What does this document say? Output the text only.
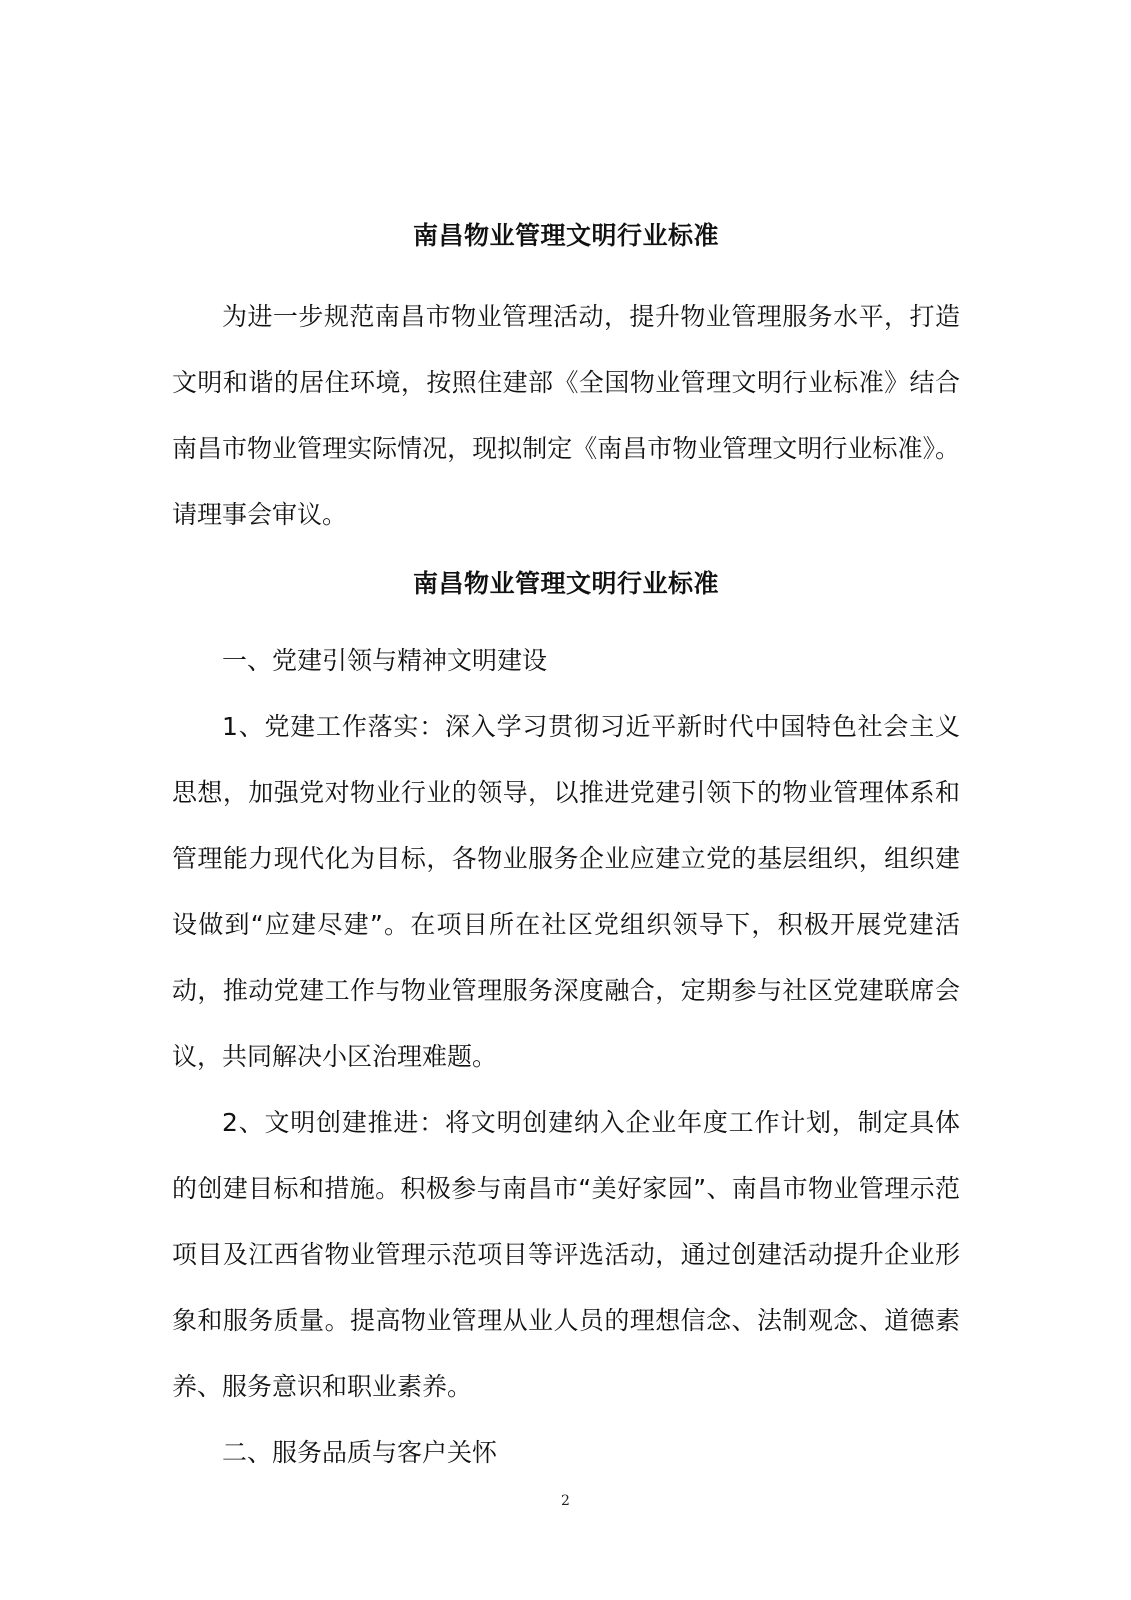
南昌物业管理文明行业标准

为进一步规范南昌市物业管理活动，提升物业管理服务水平，打造文明和谐的居住环境，按照住建部《全国物业管理文明行业标准》结合南昌市物业管理实际情况，现拟制定《南昌市物业管理文明行业标准》。请理事会审议。

南昌物业管理文明行业标准

一、党建引领与精神文明建设

1、党建工作落实：深入学习贯彻习近平新时代中国特色社会主义思想，加强党对物业行业的领导，以推进党建引领下的物业管理体系和管理能力现代化为目标，各物业服务企业应建立党的基层组织，组织建设做到“应建尽建”。在项目所在社区党组织领导下，积极开展党建活动，推动党建工作与物业管理服务深度融合，定期参与社区党建联席会议，共同解决小区治理难题。

2、文明创建推进：将文明创建纳入企业年度工作计划，制定具体的创建目标和措施。积极参与南昌市“美好家园”、南昌市物业管理示范项目及江西省物业管理示范项目等评选活动，通过创建活动提升企业形象和服务质量。提高物业管理从业人员的理想信念、法制观念、道德素养、服务意识和职业素养。

二、服务品质与客户关怀

2
